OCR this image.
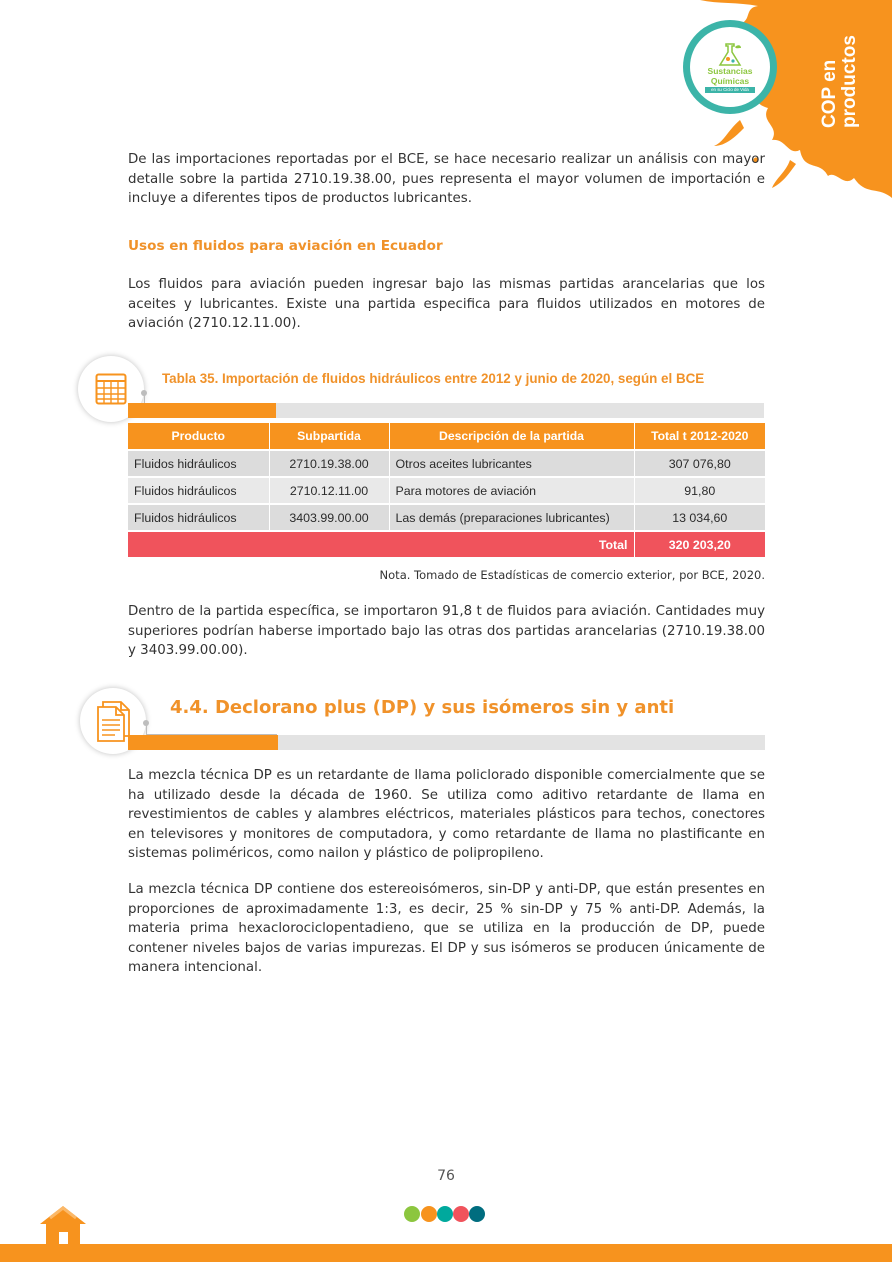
COP en productos
Sustancias
Químicas
en su Ciclo de Vida

De las importaciones reportadas por el BCE, se hace necesario realizar un análisis con mayor detalle sobre la partida 2710.19.38.00, pues representa el mayor volumen de importación e incluye a diferentes tipos de productos lubricantes.

Usos en fluidos para aviación en Ecuador

Los fluidos para aviación pueden ingresar bajo las mismas partidas arancelarias que los aceites y lubricantes. Existe una partida especifica para fluidos utilizados en motores de aviación (2710.12.11.00).

Tabla 35. Importación de fluidos hidráulicos entre 2012 y junio de 2020, según el BCE
Producto	Subpartida	Descripción de la partida	Total t 2012-2020
Fluidos hidráulicos	2710.19.38.00	Otros aceites lubricantes	307 076,80
Fluidos hidráulicos	2710.12.11.00	Para motores de aviación	91,80
Fluidos hidráulicos	3403.99.00.00	Las demás (preparaciones lubricantes)	13 034,60
Total			320 203,20
Nota. Tomado de Estadísticas de comercio exterior, por BCE, 2020.

Dentro de la partida específica, se importaron 91,8 t de fluidos para aviación. Cantidades muy superiores podrían haberse importado bajo las otras dos partidas arancelarias (2710.19.38.00 y 3403.99.00.00).

4.4. Declorano plus (DP) y sus isómeros sin y anti

La mezcla técnica DP es un retardante de llama policlorado disponible comercialmente que se ha utilizado desde la década de 1960. Se utiliza como aditivo retardante de llama en revestimientos de cables y alambres eléctricos, materiales plásticos para techos, conectores en televisores y monitores de computadora, y como retardante de llama no plastificante en sistemas poliméricos, como nailon y plástico de polipropileno.

La mezcla técnica DP contiene dos estereoisómeros, sin-DP y anti-DP, que están presentes en proporciones de aproximadamente 1:3, es decir, 25 % sin-DP y 75 % anti-DP. Además, la materia prima hexaclorociclopentadieno, que se utiliza en la producción de DP, puede contener niveles bajos de varias impurezas. El DP y sus isómeros se producen únicamente de manera intencional.

76
